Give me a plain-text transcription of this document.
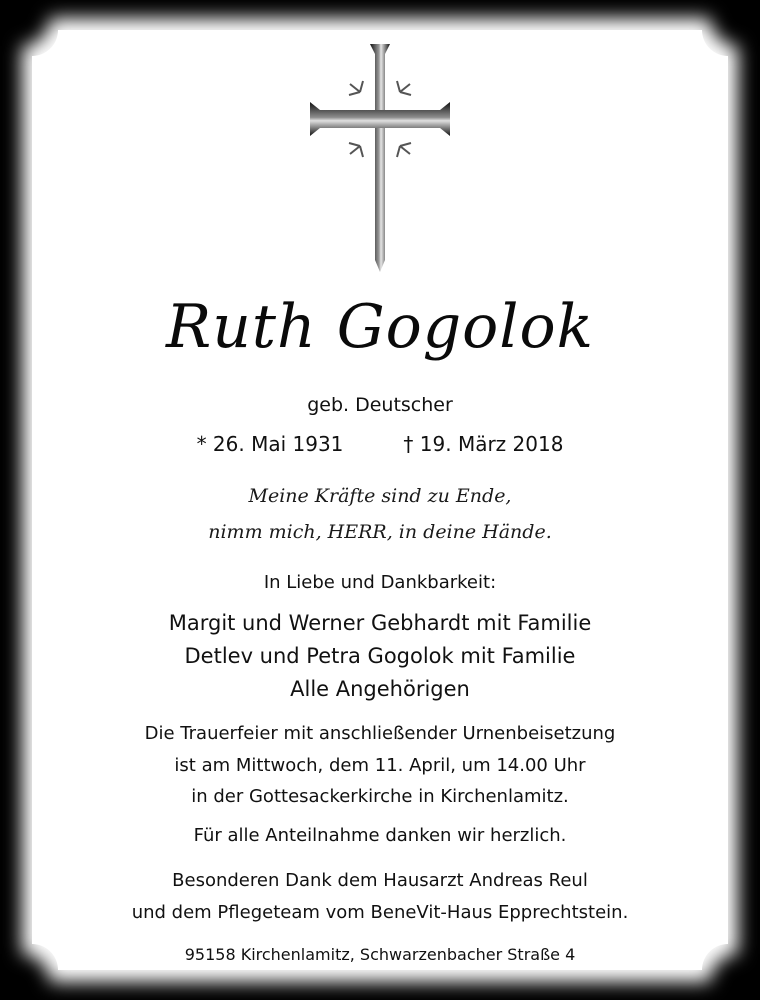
Ruth Gogolok
geb. Deutscher
* 26. Mai 1931	† 19. März 2018
Meine Kräfte sind zu Ende,
nimm mich, HERR, in deine Hände.
In Liebe und Dankbarkeit:
Margit und Werner Gebhardt mit Familie
Detlev und Petra Gogolok mit Familie
Alle Angehörigen
Die Trauerfeier mit anschließender Urnenbeisetzung
ist am Mittwoch, dem 11. April, um 14.00 Uhr
in der Gottesackerkirche in Kirchenlamitz.
Für alle Anteilnahme danken wir herzlich.
Besonderen Dank dem Hausarzt Andreas Reul
und dem Pflegeteam vom BeneVit-Haus Epprechtstein.
95158 Kirchenlamitz, Schwarzenbacher Straße 4
